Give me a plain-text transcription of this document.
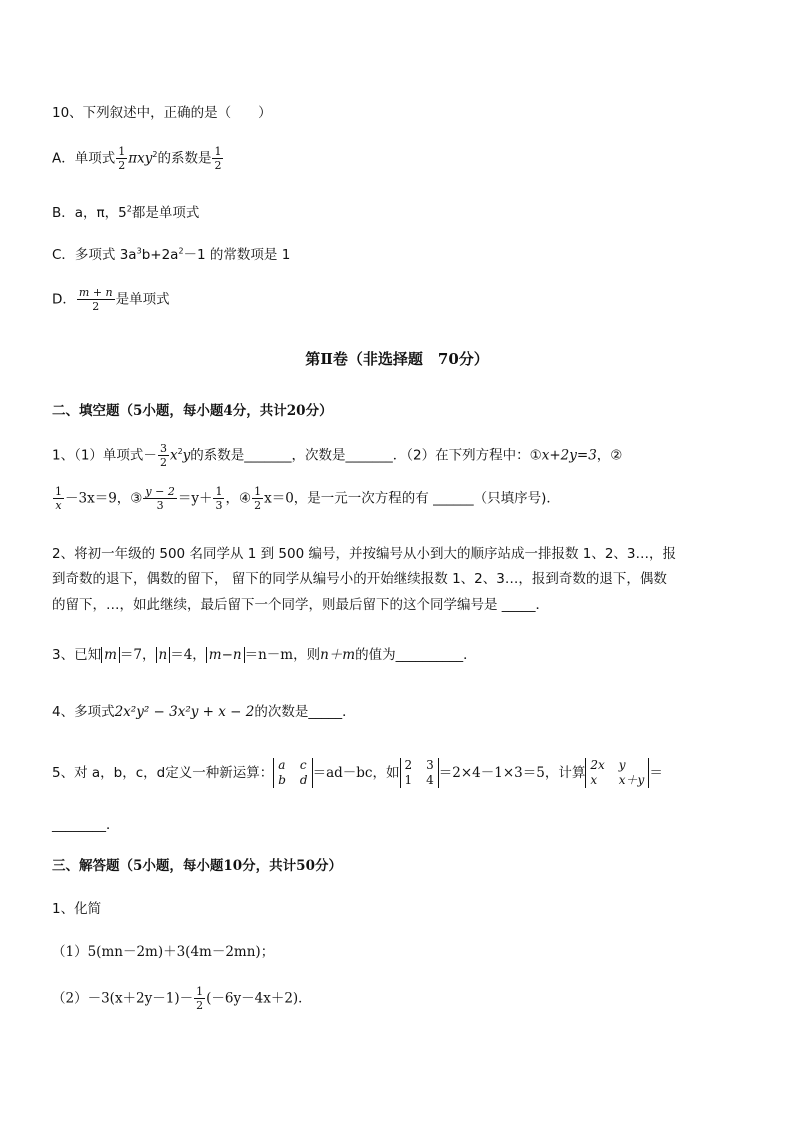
10、下列叙述中，正确的是（　　）
A．单项式 $\frac{1}{2} \pi xy^2$的系数是 $\frac{1}{2}$
B．a，π，$5^2$都是单项式
C．多项式 $3a^3b+2a^2-1$ 的常数项是 1
D． $\frac{m + n}{2}$ 是单项式
第Ⅱ卷（非选择题　70分）
二、填空题（5小题，每小题4分，共计20分）
1、（1）单项式－ $\frac{3}{2} x^2y$的系数是_______，次数是_______．（2）在下列方程中：①x+2y=3，②
$\frac{1}{x} -3x=9$，③ $\frac{y - 2}{3} =y+ \frac{1}{3}$ ，④ $\frac{1}{2} x=0$，是一元一次方程的有 ______（只填序号)．
2、将初一年级的 500 名同学从 1 到 500 编号，并按编号从小到大的顺序站成一排报数 1、2、3…，报
到奇数的退下，偶数的留下， 留下的同学从编号小的开始继续报数 1、2、3…，报到奇数的退下，偶数
的留下，…，如此继续，最后留下一个同学，则最后留下的这个同学编号是 _____．
3、已知 m ＝7， n ＝4， m−n ＝n－m，则n＋m的值为__________．
4、多项式2x²y² − 3x²y + x − 2的次数是_____．
5、对 a，b，c，d定义一种新运算：
a c
b d ＝ad－bc，如
2 3
1 4 ＝2×4－1×3＝5，计算
2x y
x	x＋y ＝
________．
三、解答题（5小题，每小题10分，共计50分）
1、化简
（1）5(mn－2m)＋3(4m－2mn)；
$(2)-3(x+2y-1)- \frac{1}{2} (-6y-4x+2)$．
